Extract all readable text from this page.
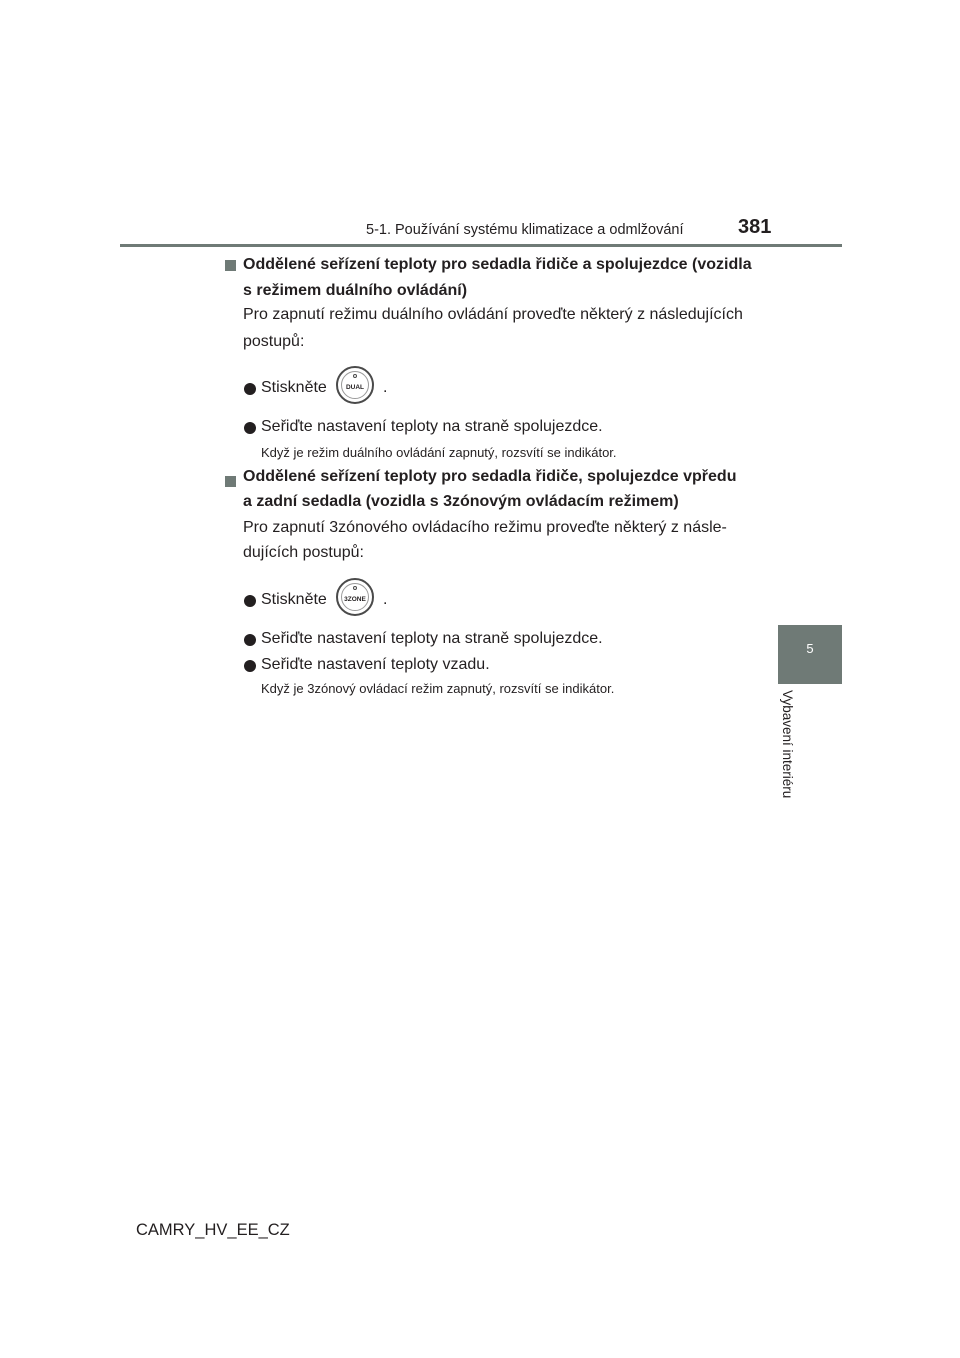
5-1. Používání systému klimatizace a odmlžování	381
5
Vybavení interiéru
Oddělené seřízení teploty pro sedadla řidiče a spolujezdce (vozidla
s režimem duálního ovládání)
Pro zapnutí režimu duálního ovládání proveďte některý z následujících
postupů:
Stiskněte	DUAL	.
Seřiďte nastavení teploty na straně spolujezdce.
Když je režim duálního ovládání zapnutý, rozsvítí se indikátor.
Oddělené seřízení teploty pro sedadla řidiče, spolujezdce vpředu
a zadní sedadla (vozidla s 3zónovým ovládacím režimem)
Pro zapnutí 3zónového ovládacího režimu proveďte některý z násle-
dujících postupů:
Stiskněte	3ZONE	.
Seřiďte nastavení teploty na straně spolujezdce.
Seřiďte nastavení teploty vzadu.
Když je 3zónový ovládací režim zapnutý, rozsvítí se indikátor.
CAMRY_HV_EE_CZ
